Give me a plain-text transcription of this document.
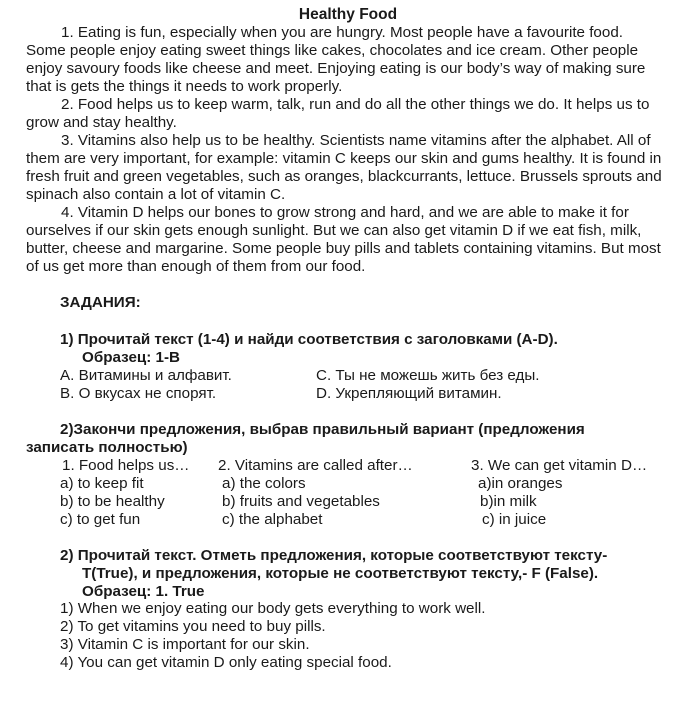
Healthy Food

1. Eating is fun, especially when you are hungry. Most people have a favourite food. Some people enjoy eating sweet things like cakes, chocolates and ice cream. Other people enjoy savoury foods like cheese and meet. Enjoying eating is our body’s way of making sure that is gets the things it needs to work properly.

2. Food helps us to keep warm, talk, run and do all the other things we do. It helps us to grow and stay healthy.

3. Vitamins also help us to be healthy. Scientists name vitamins after the alphabet. All of them are very important, for example: vitamin C keeps our skin and gums healthy. It is found in fresh fruit and green vegetables, such as oranges, blackcurrants, lettuce. Brussels sprouts and spinach also contain a lot of vitamin C.

4. Vitamin D helps our bones to grow strong and hard, and we are able to make it for ourselves if our skin gets enough sunlight. But we can also get vitamin D if we eat fish, milk, butter, cheese and margarine. Some people buy pills and tablets containing vitamins. But most of us get more than enough of them from our food.

ЗАДАНИЯ:
1) Прочитай текст (1-4) и найди соответствия с заголовками (A-D).
Образец: 1-В
A. Витамины и алфавит.	C. Ты не можешь жить без еды.
B. О вкусах не спорят.	D. Укрепляющий витамин.
2)Закончи предложения, выбрав правильный вариант (предложения
записать полностью)
1. Food helps us…
a) to keep fit
b) to be healthy
c) to get fun
2. Vitamins are called after…
a) the colors
b) fruits and vegetables
c) the alphabet
3. We can get vitamin D…
a)in oranges
b)in milk
c) in juice
2) Прочитай текст. Отметь предложения, которые соответствуют тексту-
T(True), и предложения, которые не соответствуют тексту,- F (False).
Образец: 1. True
1) When we enjoy eating our body gets everything to work well.
2) To get vitamins you need to buy pills.
3) Vitamin C is important for our skin.
4) You can get vitamin D only eating special food.
